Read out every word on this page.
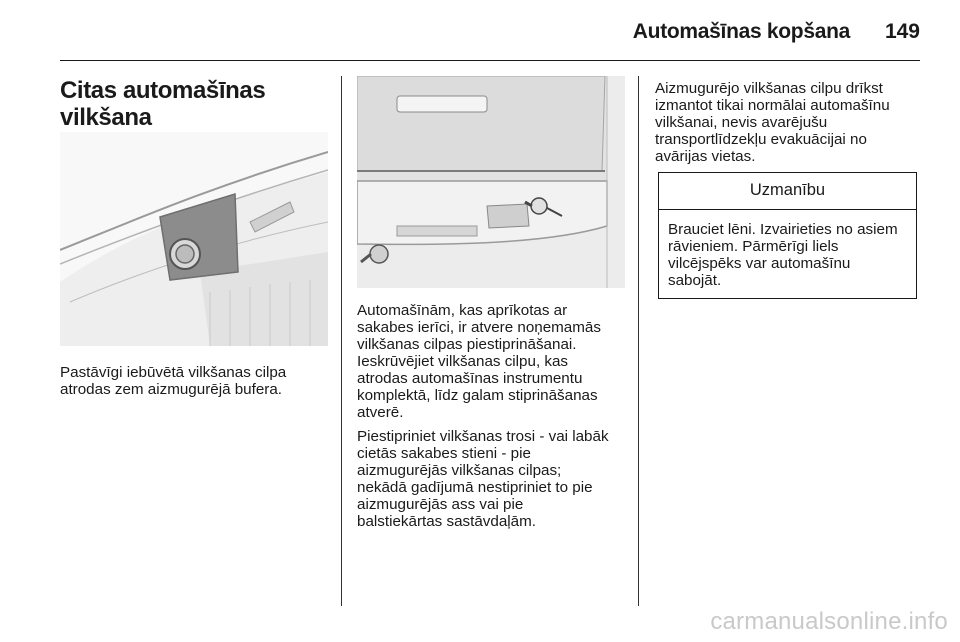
Automašīnas kopšana 149
Citas automašīnas
vilkšana

Pastāvīgi iebūvētā vilkšanas cilpa
atrodas zem aizmugurējā bufera.

Automašīnām, kas aprīkotas ar
sakabes ierīci, ir atvere noņemamās
vilkšanas cilpas piestiprināšanai.
Ieskrūvējiet vilkšanas cilpu, kas
atrodas automašīnas instrumentu
komplektā, līdz galam stiprināšanas
atverē.

Piestipriniet vilkšanas trosi - vai labāk
cietās sakabes stieni - pie
aizmugurējās vilkšanas cilpas;
nekādā gadījumā nestipriniet to pie
aizmugurējās ass vai pie
balstiekārtas sastāvdaļām.

Aizmugurējo vilkšanas cilpu drīkst
izmantot tikai normālai automašīnu
vilkšanai, nevis avarējušu
transportlīdzekļu evakuācijai no
avārijas vietas.

Uzmanību
Brauciet lēni. Izvairieties no asiem
rāvieniem. Pārmērīgi liels
vilcējspēks var automašīnu
sabojāt.
carmanualsonline.info
